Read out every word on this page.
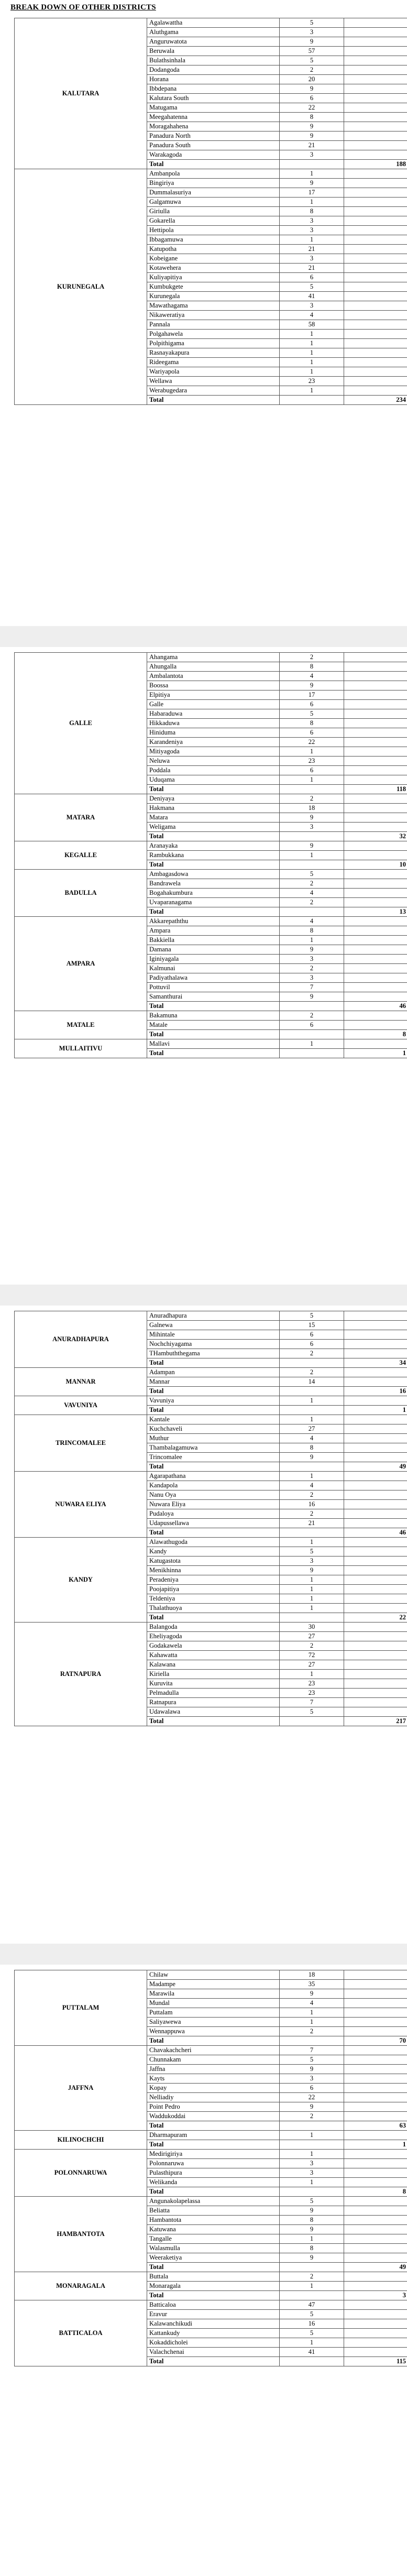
BREAK DOWN OF OTHER DISTRICTS
KALUTARA	Agalawattha	5	
	Aluthgama	3	
	Anguruwatota	9	
	Beruwala	57	
	Bulathsinhala	5	
	Dodangoda	2	
	Horana	20	
	Ibbdepana	9	
	Kalutara South	6	
	Matugama	22	
	Meegahatenna	8	
	Moragahahena	9	
	Panadura North	9	
	Panadura South	21	
	Warakagoda	3	
	Total		188
KURUNEGALA	Ambanpola	1	
	Bingiriya	9	
	Dummalasuriya	17	
	Galgamuwa	1	
	Giriulla	8	
	Gokarella	3	
	Hettipola	3	
	Ibbagamuwa	1	
	Katupotha	21	
	Kobeigane	3	
	Kotawehera	21	
	Kuliyapitiya	6	
	Kumbukgete	5	
	Kurunegala	41	
	Mawathagama	3	
	Nikaweratiya	4	
	Pannala	58	
	Polgahawela	1	
	Polpithigama	1	
	Rasnayakapura	1	
	Rideegama	1	
	Wariyapola	1	
	Wellawa	23	
	Werabugedara	1	
	Total		234
GALLE	Ahangama	2	
	Ahungalla	8	
	Ambalantota	4	
	Boossa	9	
	Elpitiya	17	
	Galle	6	
	Habaraduwa	5	
	Hikkaduwa	8	
	Hiniduma	6	
	Karandeniya	22	
	Mitiyagoda	1	
	Neluwa	23	
	Poddala	6	
	Uduqama	1	
	Total		118
MATARA	Deniyaya	2	
	Hakmana	18	
	Matara	9	
	Weligama	3	
	Total		32
KEGALLE	Aranayaka	9	
	Rambukkana	1	
	Total		10
BADULLA	Ambagasdowa	5	
	Bandrawela	2	
	Bogahakumbura	4	
	Uvaparanagama	2	
	Total		13
AMPARA	Akkarepaththu	4	
	Ampara	8	
	Bakkiella	1	
	Damana	9	
	Iginiyagala	3	
	Kalmunai	2	
	Padiyathalawa	3	
	Pottuvil	7	
	Samanthurai	9	
	Total		46
MATALE	Bakamuna	2	
	Matale	6	
	Total		8
MULLAITIVU	Mallavi	1	
	Total		1
ANURADHAPURA	Anuradhapura	5	
	Galnewa	15	
	Mihintale	6	
	Nochchiyagama	6	
	THambuththegama	2	
	Total		34
MANNAR	Adampan	2	
	Mannar	14	
	Total		16
VAVUNIYA	Vavuniya	1	
	Total		1
TRINCOMALEE	Kantale	1	
	Kuchchaveli	27	
	Muthur	4	
	Thambalagamuwa	8	
	Trincomalee	9	
	Total		49
NUWARA ELIYA	Agarapathana	1	
	Kandapola	4	
	Nanu Oya	2	
	Nuwara Eliya	16	
	Pudaloya	2	
	Udapussellawa	21	
	Total		46
KANDY	Alawathugoda	1	
	Kandy	5	
	Katugastota	3	
	Menikhinna	9	
	Peradeniya	1	
	Poojapitiya	1	
	Teldeniya	1	
	Thalathuoya	1	
	Total		22
RATNAPURA	Balangoda	30	
	Eheliyagoda	27	
	Godakawela	2	
	Kahawatta	72	
	Kalawana	27	
	Kiriella	1	
	Kuruvita	23	
	Pelmadulla	23	
	Ratnapura	7	
	Udawalawa	5	
	Total		217
PUTTALAM	Chilaw	18	
	Madampe	35	
	Marawila	9	
	Mundal	4	
	Puttalam	1	
	Saliyawewa	1	
	Wennappuwa	2	
	Total		70
JAFFNA	Chavakachcheri	7	
	Chunnakam	5	
	Jaffna	9	
	Kayts	3	
	Kopay	6	
	Nelliadiy	22	
	Point Pedro	9	
	Waddukoddai	2	
	Total		63
KILINOCHCHI	Dharmapuram	1	
	Total		1
POLONNARUWA	Medirigiriya	1	
	Polonnaruwa	3	
	Pulasthipura	3	
	Welikanda	1	
	Total		8
HAMBANTOTA	Angunakolapelassa	5	
	Beliatta	9	
	Hambantota	8	
	Katuwana	9	
	Tangalle	1	
	Walasmulla	8	
	Weeraketiya	9	
	Total		49
MONARAGALA	Buttala	2	
	Monaragala	1	
	Total		3
BATTICALOA	Batticaloa	47	
	Eravur	5	
	Kalawanchikudi	16	
	Kattankudy	5	
	Kokaddicholei	1	
	Valachchenai	41	
	Total		115
